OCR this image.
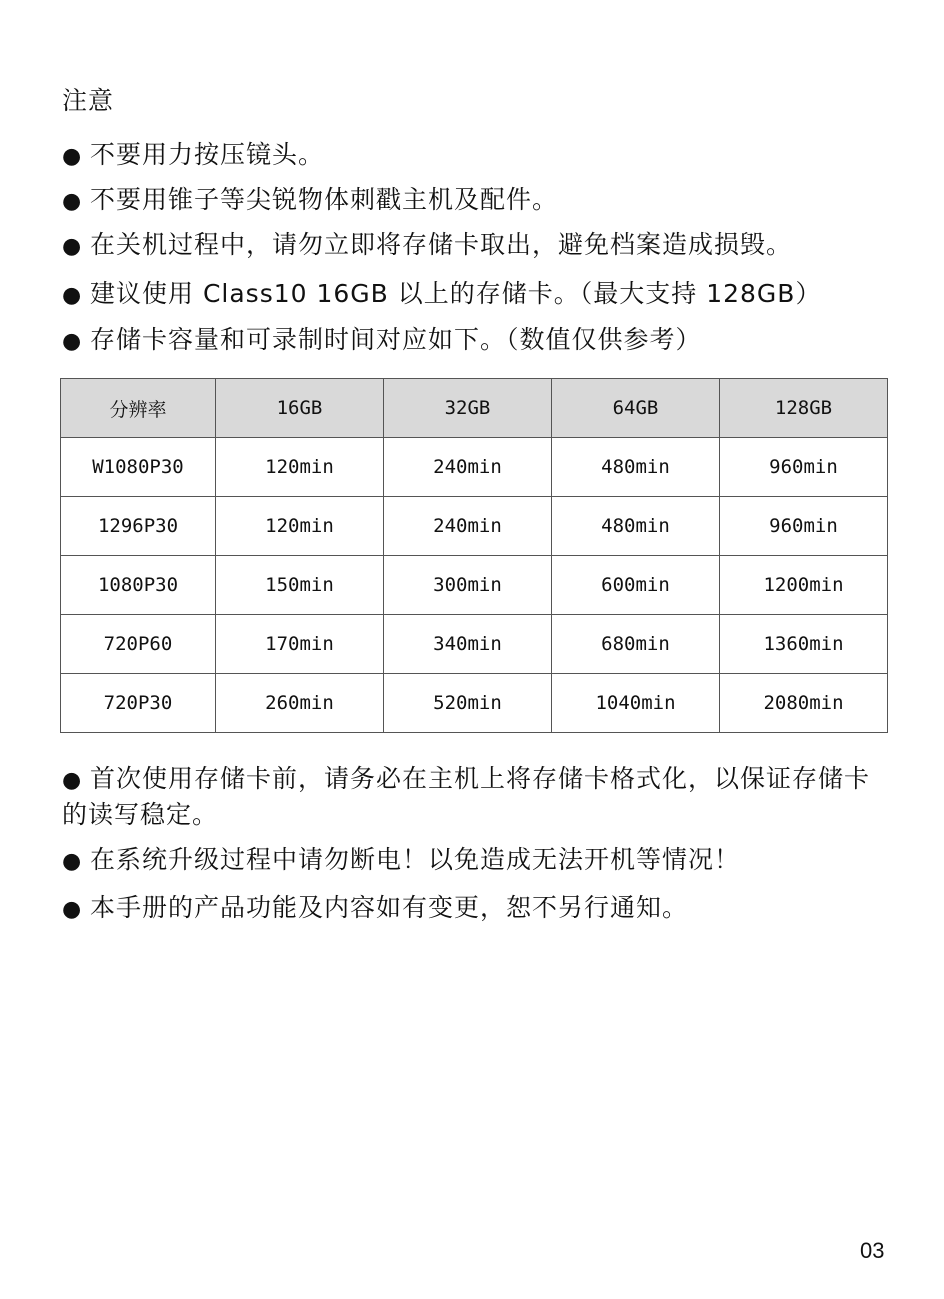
注意
● 不要用力按压镜头。
● 不要用锥子等尖锐物体刺戳主机及配件。
● 在关机过程中，请勿立即将存储卡取出，避免档案造成损毁。
● 建议使用 Class10 16GB 以上的存储卡。（最大支持 128GB）
● 存储卡容量和可录制时间对应如下。（数值仅供参考）
分辨率	16GB	32GB	64GB	128GB
W1080P30	120min	240min	480min	960min
1296P30	120min	240min	480min	960min
1080P30	150min	300min	600min	1200min
720P60	170min	340min	680min	1360min
720P30	260min	520min	1040min	2080min
● 首次使用存储卡前，请务必在主机上将存储卡格式化，以保证存储卡的读写稳定。
● 在系统升级过程中请勿断电！以免造成无法开机等情况！
● 本手册的产品功能及内容如有变更，恕不另行通知。
03
